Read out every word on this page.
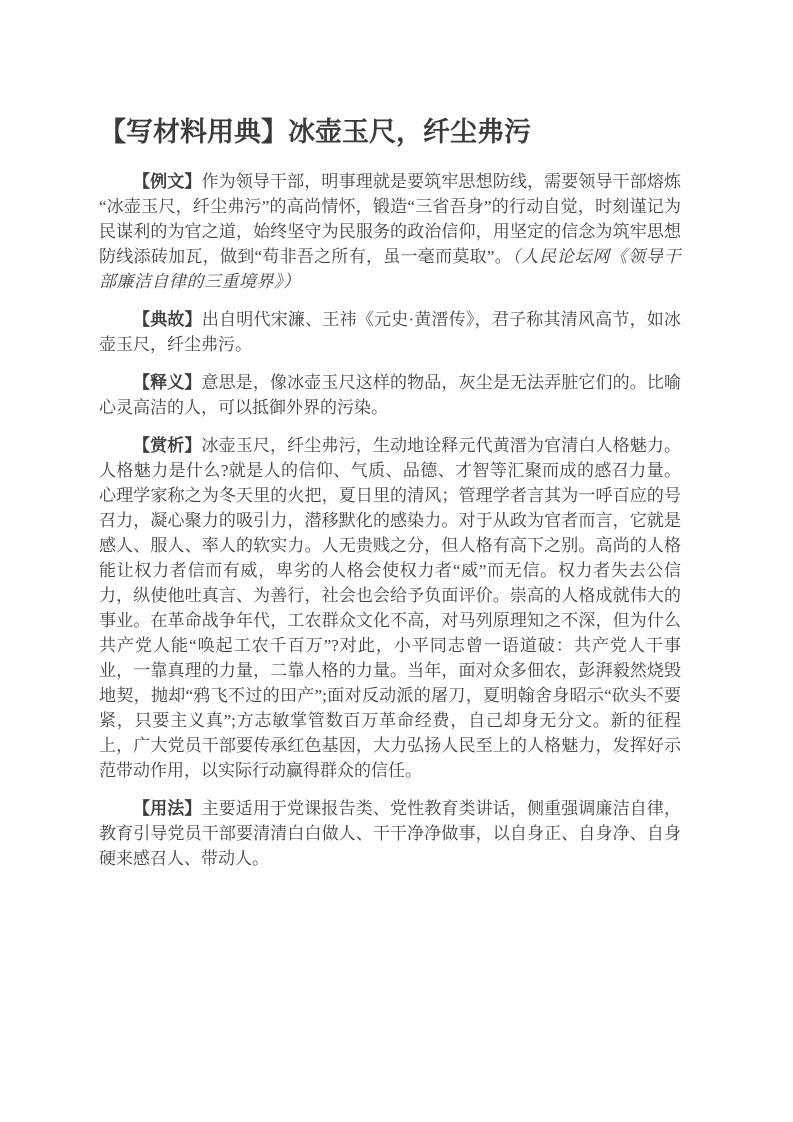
【写材料用典】冰壶玉尺，纤尘弗污

【例文】作为领导干部，明事理就是要筑牢思想防线，需要领导干部熔炼“冰壶玉尺，纤尘弗污”的高尚情怀，锻造“三省吾身”的行动自觉，时刻谨记为民谋利的为官之道，始终坚守为民服务的政治信仰，用坚定的信念为筑牢思想防线添砖加瓦，做到“苟非吾之所有，虽一毫而莫取”。（人民论坛网《领导干部廉洁自律的三重境界》）

【典故】出自明代宋濂、王祎《元史·黄溍传》，君子称其清风高节，如冰壶玉尺，纤尘弗污。

【释义】意思是，像冰壶玉尺这样的物品，灰尘是无法弄脏它们的。比喻心灵高洁的人，可以抵御外界的污染。

【赏析】冰壶玉尺，纤尘弗污，生动地诠释元代黄溍为官清白人格魅力。人格魅力是什么?就是人的信仰、气质、品德、才智等汇聚而成的感召力量。心理学家称之为冬天里的火把，夏日里的清风；管理学者言其为一呼百应的号召力，凝心聚力的吸引力，潜移默化的感染力。对于从政为官者而言，它就是感人、服人、率人的软实力。人无贵贱之分，但人格有高下之别。高尚的人格能让权力者信而有威，卑劣的人格会使权力者“威”而无信。权力者失去公信力，纵使他吐真言、为善行，社会也会给予负面评价。崇高的人格成就伟大的事业。在革命战争年代，工农群众文化不高，对马列原理知之不深，但为什么共产党人能“唤起工农千百万”?对此，小平同志曾一语道破：共产党人干事业，一靠真理的力量，二靠人格的力量。当年，面对众多佃农，彭湃毅然烧毁地契，抛却“鸦飞不过的田产”;面对反动派的屠刀，夏明翰舍身昭示“砍头不要紧，只要主义真”;方志敏掌管数百万革命经费，自己却身无分文。新的征程上，广大党员干部要传承红色基因，大力弘扬人民至上的人格魅力，发挥好示范带动作用，以实际行动赢得群众的信任。

【用法】主要适用于党课报告类、党性教育类讲话，侧重强调廉洁自律，教育引导党员干部要清清白白做人、干干净净做事，以自身正、自身净、自身硬来感召人、带动人。
